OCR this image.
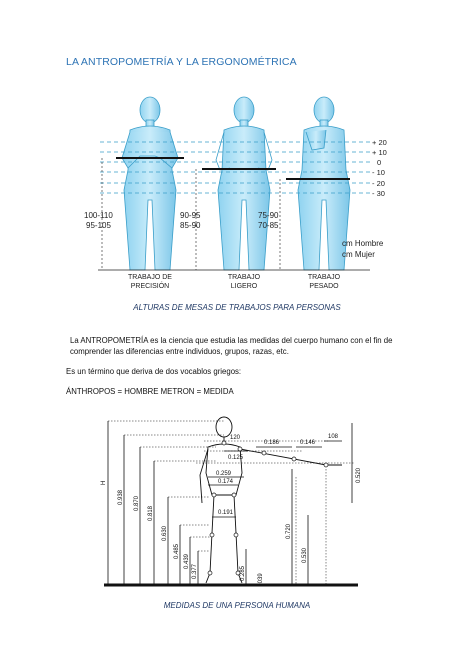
LA ANTROPOMETRÍA Y LA ERGONOMÉTRICA
+ 20
+ 10
0
- 10
- 20
- 30
100-110
95-105
90-95
85-90
75-90
70-85
cm Hombre
cm Mujer
TRABAJO DE
PRECISIÓN
TRABAJO
LIGERO
TRABAJO
PESADO
ALTURAS DE MESAS DE TRABAJOS PARA PERSONAS
La ANTROPOMETRÍA es la ciencia que estudia las medidas del cuerpo humano con el fin de comprender las diferencias entre individuos, grupos, razas, etc.
Es un término que deriva de dos vocablos griegos:
ÁNTHROPOS = HOMBRE METRON = MEDIDA
H
0.938 0.870
0.818
0.630
0.485
0.439
0.377
0.720
0.530
0.520
0.285 .039
120
0.125
0.186	0.146
108
0.259
0.174
0.191
MEDIDAS DE UNA PERSONA HUMANA
